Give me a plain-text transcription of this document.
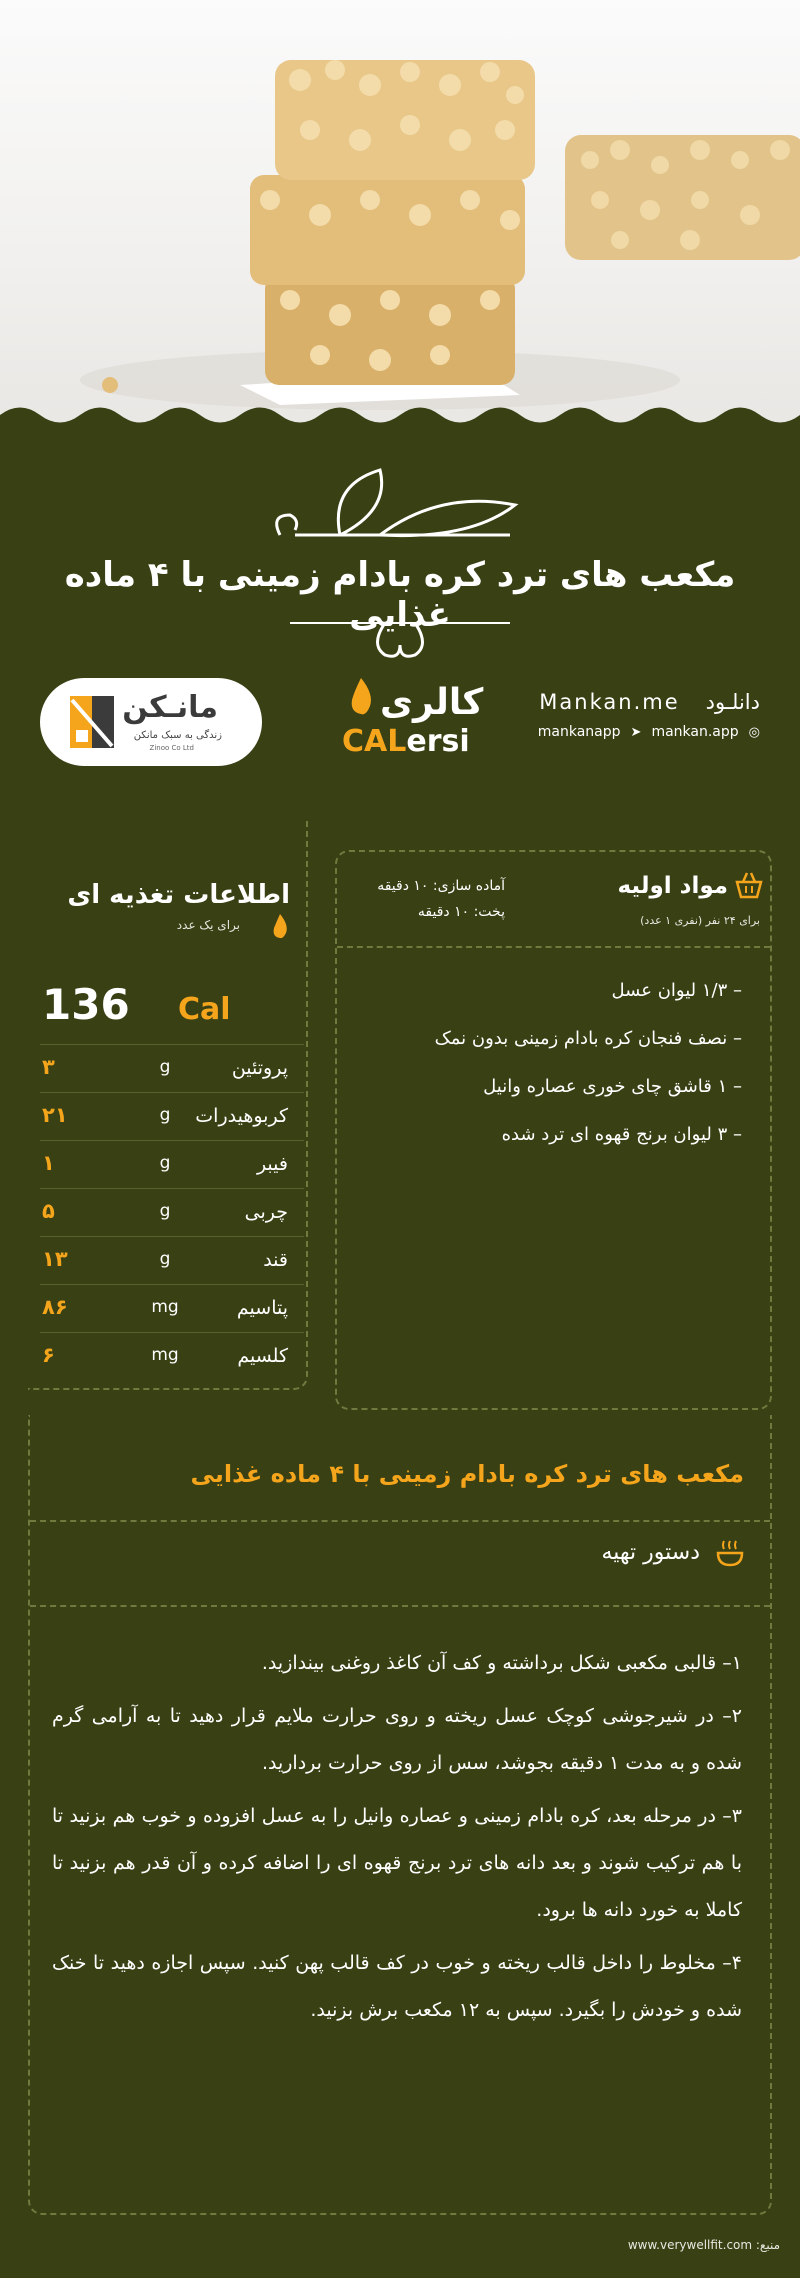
مکعب های ترد کره بادام زمینی با ۴ ماده غذایی
مانـکن
زندگی به سبک مانکن
Zinoo Co Ltd
کالری
CALersi
Mankan.me دانلـود
mankanapp ➤ mankan.app ◎
اطلاعات تغذیه ای
برای یک عدد
136 Cal
۳	g	پروتئین
۲۱	g	کربوهیدرات
۱	g	فیبر
۵	g	چربی
۱۳	g	قند
۸۶	mg	پتاسیم
۶	mg	کلسیم
مواد اولیه
برای ۲۴ نفر (نفری ۱ عدد)
آماده سازی: ۱۰ دقیقه
پخت: ۱۰ دقیقه
– ۱/۳ لیوان عسل
– نصف فنجان کره بادام زمینی بدون نمک
– ۱ قاشق چای خوری عصاره وانیل
– ۳ لیوان برنج قهوه ای ترد شده
مکعب های ترد کره بادام زمینی با ۴ ماده غذایی
دستور تهیه

۱– قالبی مکعبی شکل برداشته و کف آن کاغذ روغنی بیندازید.

۲– در شیرجوشی کوچک عسل ریخته و روی حرارت ملایم قرار دهید تا به آرامی گرم شده و به مدت ۱ دقیقه بجوشد، سس از روی حرارت بردارید.

۳– در مرحله بعد، کره بادام زمینی و عصاره وانیل را به عسل افزوده و خوب هم بزنید تا با هم ترکیب شوند و بعد دانه های ترد برنج قهوه ای را اضافه کرده و آن قدر هم بزنید تا کاملا به خورد دانه ها برود.

۴– مخلوط را داخل قالب ریخته و خوب در کف قالب پهن کنید. سپس اجازه دهید تا خنک شده و خودش را بگیرد. سپس به ۱۲ مکعب برش بزنید.

منبع: www.verywellfit.com
